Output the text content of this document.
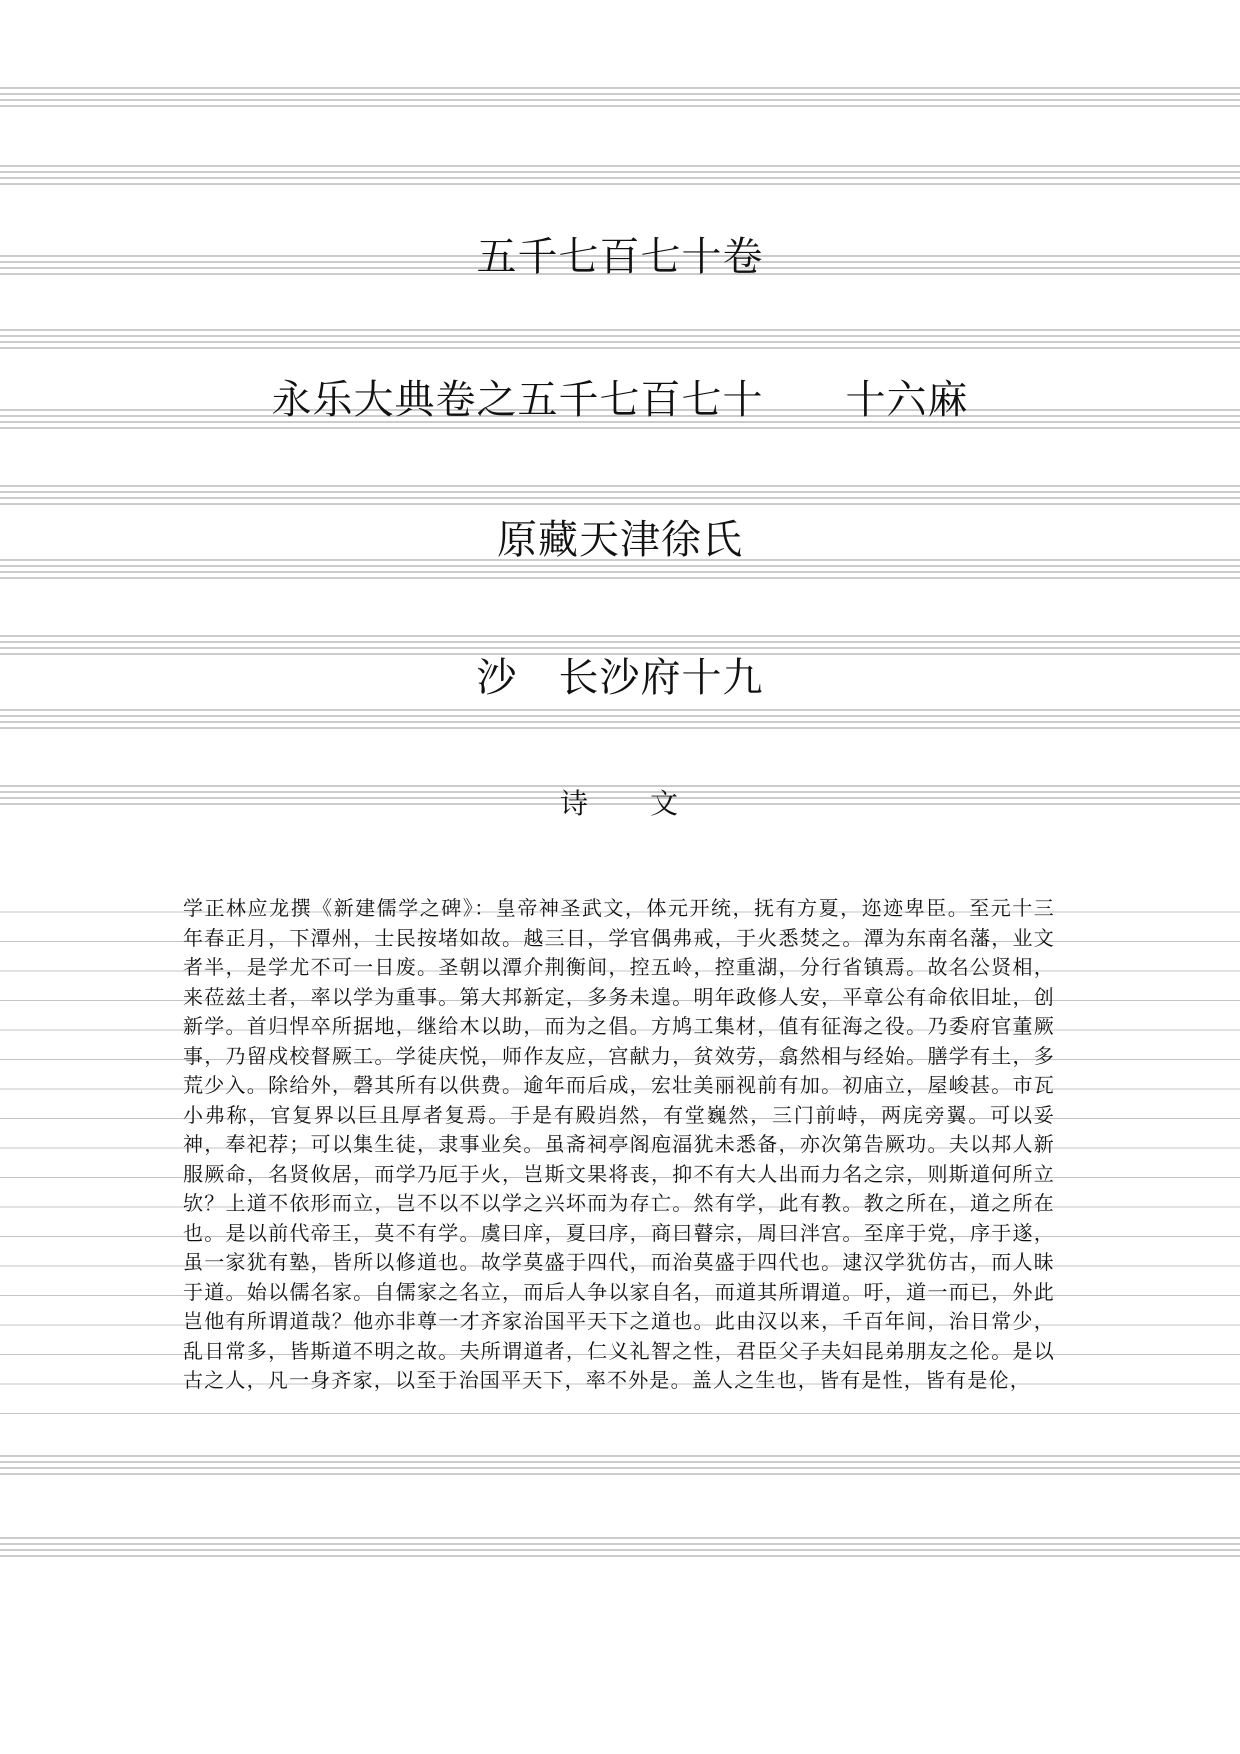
五千七百七十卷
永乐大典卷之五千七百七十　　十六麻
原藏天津徐氏
沙　长沙府十九
诗　　文
学正林应龙撰《新建儒学之碑》：皇帝神圣武文，体元开统，抚有方夏，迩迹卑臣。至元十三年春正月，下潭州，士民按堵如故。越三日，学官偶弗戒，于火悉焚之。潭为东南名藩，业文者半，是学尤不可一日废。圣朝以潭介荆衡间，控五岭，控重湖，分行省镇焉。故名公贤相，来莅兹土者，率以学为重事。第大邦新定，多务未遑。明年政修人安，平章公有命依旧址，创新学。首归悍卒所据地，继给木以助，而为之倡。方鸠工集材，值有征海之役。乃委府官董厥事，乃留戍校督厥工。学徒庆悦，师作友应，宫献力，贫效劳，翕然相与经始。膳学有土，多荒少入。除给外，磬其所有以供费。逾年而后成，宏壮美丽视前有加。初庙立，屋峻甚。市瓦小弗称，官复界以巨且厚者复焉。于是有殿岿然，有堂巍然，三门前峙，两庑旁翼。可以妥神，奉祀荐；可以集生徒，隶事业矣。虽斋祠亭阁庖湢犹未悉备，亦次第告厥功。夫以邦人新服厥命，名贤攸居，而学乃厄于火，岂斯文果将丧，抑不有大人出而力名之宗，则斯道何所立欤？上道不依形而立，岂不以不以学之兴坏而为存亡。然有学，此有教。教之所在，道之所在也。是以前代帝王，莫不有学。虞曰庠，夏曰序，商曰瞽宗，周曰泮宫。至庠于党，序于遂，虽一家犹有塾，皆所以修道也。故学莫盛于四代，而治莫盛于四代也。逮汉学犹仿古，而人昧于道。始以儒名家。自儒家之名立，而后人争以家自名，而道其所谓道。吁，道一而已，外此岂他有所谓道哉？他亦非尊一才齐家治国平天下之道也。此由汉以来，千百年间，治日常少，乱日常多，皆斯道不明之故。夫所谓道者，仁义礼智之性，君臣父子夫妇昆弟朋友之伦。是以古之人，凡一身齐家，以至于治国平天下，率不外是。盖人之生也，皆有是性，皆有是伦，
